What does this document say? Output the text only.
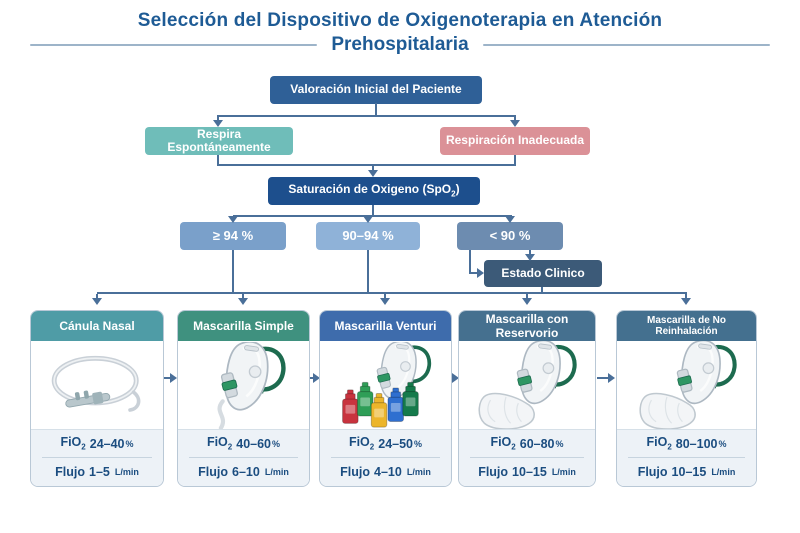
Selección del Dispositivo de Oxigenoterapia en Atención
Prehospitalaria
Valoración Inicial del Paciente
Respira Espontáneamente	Respiración Inadecuada
Saturación de Oxigeno (SpO$_2$)
≥ 94 %	90–94 %	< 90 %
Estado Clinico
Cánula Nasal
FiO$_2$ 24–40 %
Flujo 1–5 L/min
Mascarilla Simple
FiO$_2$ 40–60 %
Flujo 6–10 L/min
Mascarilla Venturi
FiO$_2$ 24–50 %
Flujo 4–10 L/min
Mascarilla con Reservorio
FiO$_2$ 60–80 %
Flujo 10–15 L/min
Mascarilla de No Reinhalación
FiO$_2$ 80–100 %
Flujo 10–15 L/min
